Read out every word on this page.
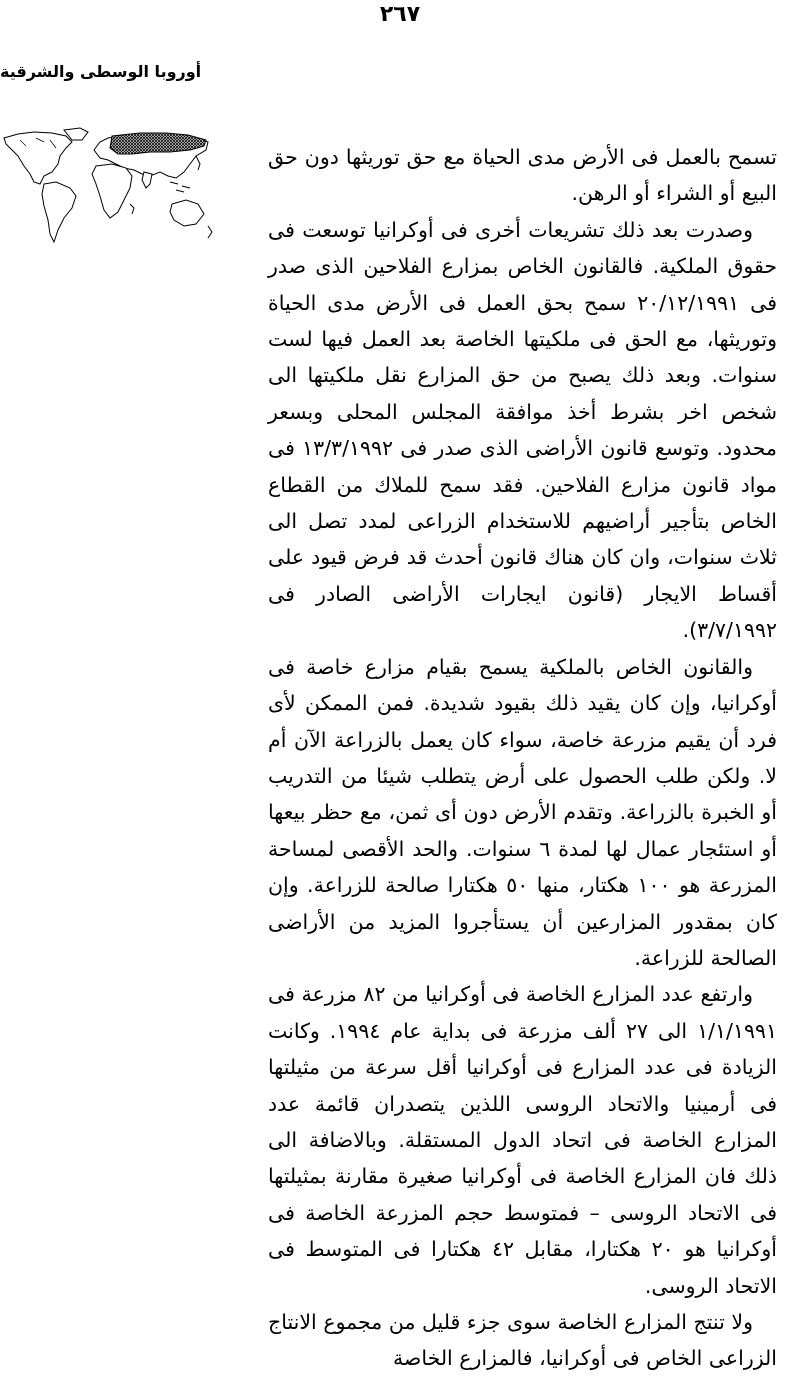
٢٦٧
أوروبا الوسطى والشرقية

تسمح بالعمل فى الأرض مدى الحياة مع حق توريثها دون حق البيع أو الشراء أو الرهن.

وصدرت بعد ذلك تشريعات أخرى فى أوكرانيا توسعت فى حقوق الملكية. فالقانون الخاص بمزارع الفلاحين الذى صدر فى ٢٠/١٢/١٩٩١ سمح بحق العمل فى الأرض مدى الحياة وتوريثها، مع الحق فى ملكيتها الخاصة بعد العمل فيها لست سنوات. وبعد ذلك يصبح من حق المزارع نقل ملكيتها الى شخص اخر بشرط أخذ موافقة المجلس المحلى وبسعر محدود. وتوسع قانون الأراضى الذى صدر فى ١٣/٣/١٩٩٢ فى مواد قانون مزارع الفلاحين. فقد سمح للملاك من القطاع الخاص بتأجير أراضيهم للاستخدام الزراعى لمدد تصل الى ثلاث سنوات، وان كان هناك قانون أحدث قد فرض قيود على أقساط الايجار (قانون ايجارات الأراضى الصادر فى ٣/٧/١٩٩٢).

والقانون الخاص بالملكية يسمح بقيام مزارع خاصة فى أوكرانيا، وإن كان يقيد ذلك بقيود شديدة. فمن الممكن لأى فرد أن يقيم مزرعة خاصة، سواء كان يعمل بالزراعة الآن أم لا. ولكن طلب الحصول على أرض يتطلب شيئا من التدريب أو الخبرة بالزراعة. وتقدم الأرض دون أى ثمن، مع حظر بيعها أو استئجار عمال لها لمدة ٦ سنوات. والحد الأقصى لمساحة المزرعة هو ١٠٠ هكتار، منها ٥٠ هكتارا صالحة للزراعة. وإن كان بمقدور المزارعين أن يستأجروا المزيد من الأراضى الصالحة للزراعة.

وارتفع عدد المزارع الخاصة فى أوكرانيا من ٨٢ مزرعة فى ١/١/١٩٩١ الى ٢٧ ألف مزرعة فى بداية عام ١٩٩٤. وكانت الزيادة فى عدد المزارع فى أوكرانيا أقل سرعة من مثيلتها فى أرمينيا والاتحاد الروسى اللذين يتصدران قائمة عدد المزارع الخاصة فى اتحاد الدول المستقلة. وبالاضافة الى ذلك فان المزارع الخاصة فى أوكرانيا صغيرة مقارنة بمثيلتها فى الاتحاد الروسى – فمتوسط حجم المزرعة الخاصة فى أوكرانيا هو ٢٠ هكتارا، مقابل ٤٢ هكتارا فى المتوسط فى الاتحاد الروسى.

ولا تنتج المزارع الخاصة سوى جزء قليل من مجموع الانتاج الزراعى الخاص فى أوكرانيا، فالمزارع الخاصة
